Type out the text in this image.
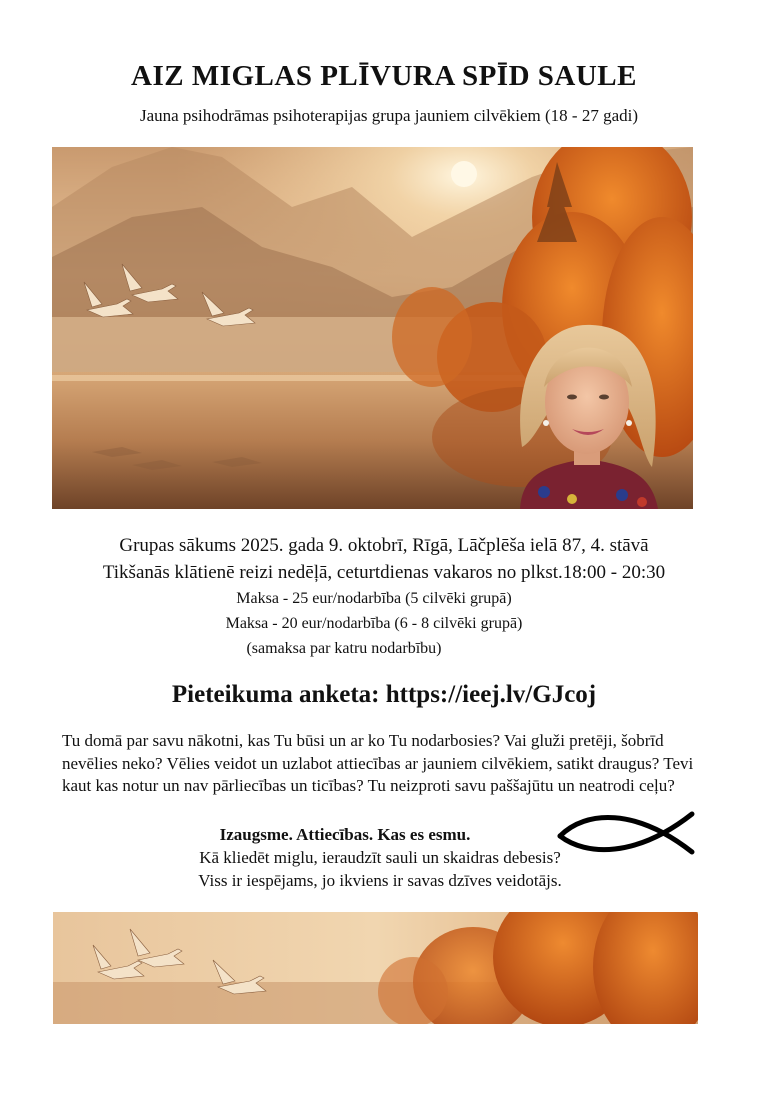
AIZ MIGLAS PLĪVURA SPĪD SAULE
Jauna psihodrāmas psihoterapijas grupa jauniem cilvēkiem (18 - 27 gadi)
Grupas sākums 2025. gada 9. oktobrī, Rīgā, Lāčplēša ielā 87, 4. stāvā
Tikšanās klātienē reizi nedēļā, ceturtdienas vakaros no plkst.18:00 - 20:30
Maksa - 25 eur/nodarbība (5 cilvēki grupā)
Maksa - 20 eur/nodarbība (6 - 8 cilvēki grupā)
(samaksa par katru nodarbību)
Pieteikuma anketa: https://ieej.lv/GJcoj
Tu domā par savu nākotni, kas Tu būsi un ar ko Tu nodarbosies? Vai gluži pretēji, šobrīd nevēlies neko? Vēlies veidot un uzlabot attiecības ar jauniem cilvēkiem, satikt draugus? Tevi kaut kas notur un nav pārliecības un ticības? Tu neizproti savu paššajūtu un neatrodi ceļu?
Izaugsme. Attiecības. Kas es esmu.
Kā kliedēt miglu, ieraudzīt sauli un skaidras debesis?
Viss ir iespējams, jo ikviens ir savas dzīves veidotājs.
